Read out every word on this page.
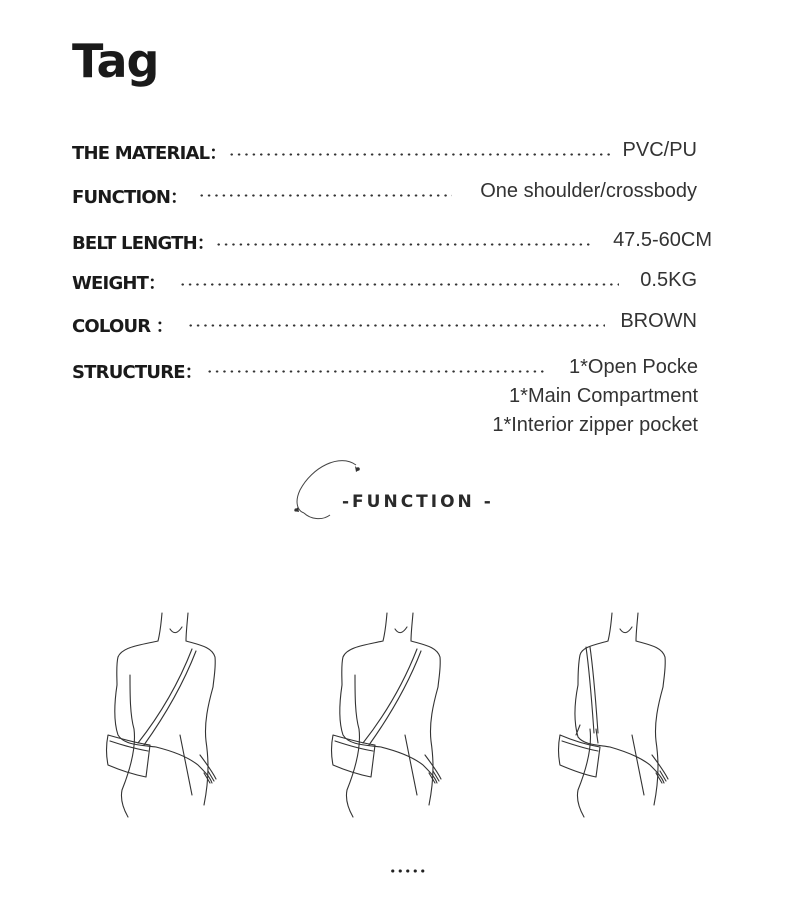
Tag
THE MATERIAL：	PVC/PU
FUNCTION：	One shoulder/crossbody
BELT LENGTH：	47.5-60CM
WEIGHT：	0.5KG
COLOUR ：	BROWN
STRUCTURE：	1*Open Pocke
1*Main Compartment
1*Interior zipper pocket
-FUNCTION -
